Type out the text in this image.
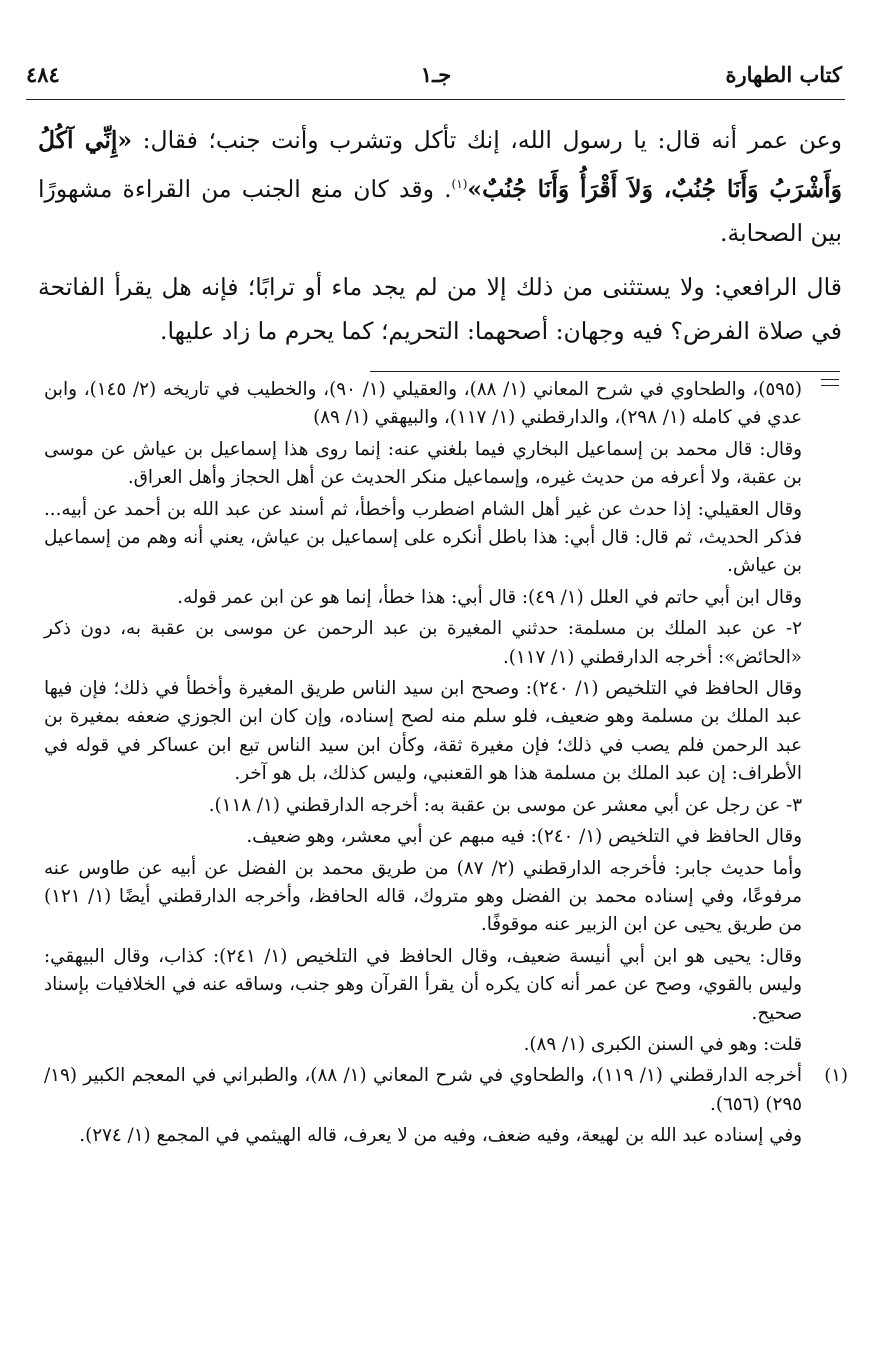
كتاب الطهارة
جـ١
٤٨٤

وعن عمر أنه قال: يا رسول الله، إنك تأكل وتشرب وأنت جنب؛ فقال: «إِنِّي آكُلُ وَأَشْرَبُ وَأَنَا جُنُبٌ، وَلاَ أَقْرَأُ وَأَنَا جُنُبٌ»$^{(١)}$. وقد كان منع الجنب من القراءة مشهورًا بين الصحابة.

قال الرافعي: ولا يستثنى من ذلك إلا من لم يجد ماء أو ترابًا؛ فإنه هل يقرأ الفاتحة في صلاة الفرض؟ فيه وجهان: أصحهما: التحريم؛ كما يحرم ما زاد عليها.

(٥٩٥)، والطحاوي في شرح المعاني (١/ ٨٨)، والعقيلي (١/ ٩٠)، والخطيب في تاريخه (٢/ ١٤٥)، وابن عدي في كامله (١/ ٢٩٨)، والدارقطني (١/ ١١٧)، والبيهقي (١/ ٨٩)

وقال: قال محمد بن إسماعيل البخاري فيما بلغني عنه: إنما روى هذا إسماعيل بن عياش عن موسى بن عقبة، ولا أعرفه من حديث غيره، وإسماعيل منكر الحديث عن أهل الحجاز وأهل العراق.

وقال العقيلي: إذا حدث عن غير أهل الشام اضطرب وأخطأ، ثم أسند عن عبد الله بن أحمد عن أبيه... فذكر الحديث، ثم قال: قال أبي: هذا باطل أنكره على إسماعيل بن عياش، يعني أنه وهم من إسماعيل بن عياش.

وقال ابن أبي حاتم في العلل (١/ ٤٩): قال أبي: هذا خطأ، إنما هو عن ابن عمر قوله.

٢- عن عبد الملك بن مسلمة: حدثني المغيرة بن عبد الرحمن عن موسى بن عقبة به، دون ذكر «الحائض»: أخرجه الدارقطني (١/ ١١٧).

وقال الحافظ في التلخيص (١/ ٢٤٠): وصحح ابن سيد الناس طريق المغيرة وأخطأ في ذلك؛ فإن فيها عبد الملك بن مسلمة وهو ضعيف، فلو سلم منه لصح إسناده، وإن كان ابن الجوزي ضعفه بمغيرة بن عبد الرحمن فلم يصب في ذلك؛ فإن مغيرة ثقة، وكأن ابن سيد الناس تبع ابن عساكر في قوله في الأطراف: إن عبد الملك بن مسلمة هذا هو القعنبي، وليس كذلك، بل هو آخر.

٣- عن رجل عن أبي معشر عن موسى بن عقبة به: أخرجه الدارقطني (١/ ١١٨).

وقال الحافظ في التلخيص (١/ ٢٤٠): فيه مبهم عن أبي معشر، وهو ضعيف.

وأما حديث جابر: فأخرجه الدارقطني (٢/ ٨٧) من طريق محمد بن الفضل عن أبيه عن طاوس عنه مرفوعًا، وفي إسناده محمد بن الفضل وهو متروك، قاله الحافظ، وأخرجه الدارقطني أيضًا (١/ ١٢١) من طريق يحيى عن ابن الزبير عنه موقوفًا.

وقال: يحيى هو ابن أبي أنيسة ضعيف، وقال الحافظ في التلخيص (١/ ٢٤١): كذاب، وقال البيهقي: وليس بالقوي، وصح عن عمر أنه كان يكره أن يقرأ القرآن وهو جنب، وساقه عنه في الخلافيات بإسناد صحيح.

قلت: وهو في السنن الكبرى (١/ ٨٩).

(١)
أخرجه الدارقطني (١/ ١١٩)، والطحاوي في شرح المعاني (١/ ٨٨)، والطبراني في المعجم الكبير (١٩/ ٢٩٥) (٦٥٦).

وفي إسناده عبد الله بن لهيعة، وفيه ضعف، وفيه من لا يعرف، قاله الهيثمي في المجمع (١/ ٢٧٤).
